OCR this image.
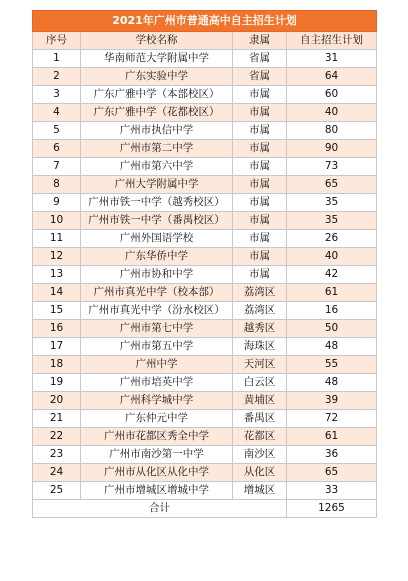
2021年广州市普通高中自主招生计划			
序号	学校名称	隶属	自主招生计划
1	华南师范大学附属中学	省属	31
2	广东实验中学	省属	64
3	广东广雅中学（本部校区）	市属	60
4	广东广雅中学（花都校区）	市属	40
5	广州市执信中学	市属	80
6	广州市第二中学	市属	90
7	广州市第六中学	市属	73
8	广州大学附属中学	市属	65
9	广州市铁一中学（越秀校区）	市属	35
10	广州市铁一中学（番禺校区）	市属	35
11	广州外国语学校	市属	26
12	广东华侨中学	市属	40
13	广州市协和中学	市属	42
14	广州市真光中学（校本部）	荔湾区	61
15	广州市真光中学（汾水校区）	荔湾区	16
16	广州市第七中学	越秀区	50
17	广州市第五中学	海珠区	48
18	广州中学	天河区	55
19	广州市培英中学	白云区	48
20	广州科学城中学	黄埔区	39
21	广东仲元中学	番禺区	72
22	广州市花都区秀全中学	花都区	61
23	广州市南沙第一中学	南沙区	36
24	广州市从化区从化中学	从化区	65
25	广州市增城区增城中学	增城区	33
合计			1265
